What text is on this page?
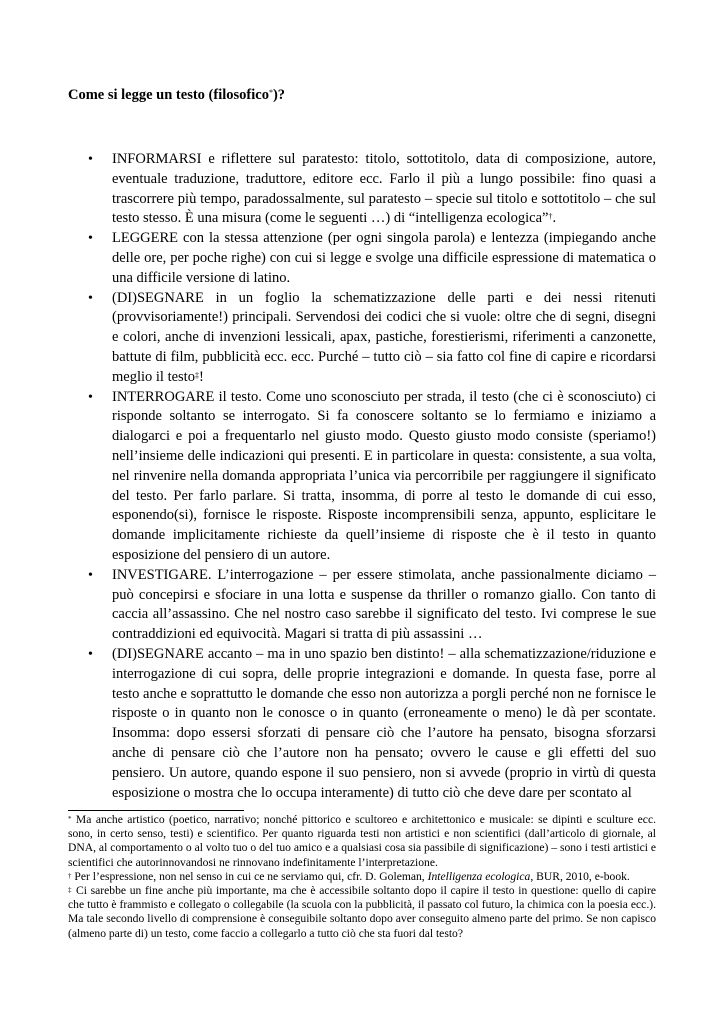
Come si legge un testo (filosofico*)?
• INFORMARSI e riflettere sul paratesto: titolo, sottotitolo, data di composizione, autore, eventuale traduzione, traduttore, editore ecc. Farlo il più a lungo possibile: fino quasi a trascorrere più tempo, paradossalmente, sul paratesto – specie sul titolo e sottotitolo – che sul testo stesso. È una misura (come le seguenti …) di “intelligenza ecologica”†.
• LEGGERE con la stessa attenzione (per ogni singola parola) e lentezza (impiegando anche delle ore, per poche righe) con cui si legge e svolge una difficile espressione di matematica o una difficile versione di latino.
• (DI)SEGNARE in un foglio la schematizzazione delle parti e dei nessi ritenuti (provvisoriamente!) principali. Servendosi dei codici che si vuole: oltre che di segni, disegni e colori, anche di invenzioni lessicali, apax, pastiche, forestierismi, riferimenti a canzonette, battute di film, pubblicità ecc. ecc. Purché – tutto ciò – sia fatto col fine di capire e ricordarsi meglio il testo‡!
• INTERROGARE il testo. Come uno sconosciuto per strada, il testo (che ci è sconosciuto) ci risponde soltanto se interrogato. Si fa conoscere soltanto se lo fermiamo e iniziamo a dialogarci e poi a frequentarlo nel giusto modo. Questo giusto modo consiste (speriamo!) nell’insieme delle indicazioni qui presenti. E in particolare in questa: consistente, a sua volta, nel rinvenire nella domanda appropriata l’unica via percorribile per raggiungere il significato del testo. Per farlo parlare. Si tratta, insomma, di porre al testo le domande di cui esso, esponendo(si), fornisce le risposte. Risposte incomprensibili senza, appunto, esplicitare le domande implicitamente richieste da quell’insieme di risposte che è il testo in quanto esposizione del pensiero di un autore.
• INVESTIGARE. L’interrogazione – per essere stimolata, anche passionalmente diciamo – può concepirsi e sfociare in una lotta e suspense da thriller o romanzo giallo. Con tanto di caccia all’assassino. Che nel nostro caso sarebbe il significato del testo. Ivi comprese le sue contraddizioni ed equivocità. Magari si tratta di più assassini …
• (DI)SEGNARE accanto – ma in uno spazio ben distinto! – alla schematizzazione/riduzione e interrogazione di cui sopra, delle proprie integrazioni e domande. In questa fase, porre al testo anche e soprattutto le domande che esso non autorizza a porgli perché non ne fornisce le risposte o in quanto non le conosce o in quanto (erroneamente o meno) le dà per scontate. Insomma: dopo essersi sforzati di pensare ciò che l’autore ha pensato, bisogna sforzarsi anche di pensare ciò che l’autore non ha pensato; ovvero le cause e gli effetti del suo pensiero. Un autore, quando espone il suo pensiero, non si avvede (proprio in virtù di questa esposizione o mostra che lo occupa interamente) di tutto ciò che deve dare per scontato al

* Ma anche artistico (poetico, narrativo; nonché pittorico e scultoreo e architettonico e musicale: se dipinti e sculture ecc. sono, in certo senso, testi) e scientifico. Per quanto riguarda testi non artistici e non scientifici (dall’articolo di giornale, al DNA, al comportamento o al volto tuo o del tuo amico e a qualsiasi cosa sia passibile di significazione) – sono i testi artistici e scientifici che autorinnovandosi ne rinnovano indefinitamente l’interpretazione.

† Per l’espressione, non nel senso in cui ce ne serviamo qui, cfr. D. Goleman, Intelligenza ecologica, BUR, 2010, e-book.

‡ Ci sarebbe un fine anche più importante, ma che è accessibile soltanto dopo il capire il testo in questione: quello di capire che tutto è frammisto e collegato o collegabile (la scuola con la pubblicità, il passato col futuro, la chimica con la poesia ecc.). Ma tale secondo livello di comprensione è conseguibile soltanto dopo aver conseguito almeno parte del primo. Se non capisco (almeno parte di) un testo, come faccio a collegarlo a tutto ciò che sta fuori dal testo?
